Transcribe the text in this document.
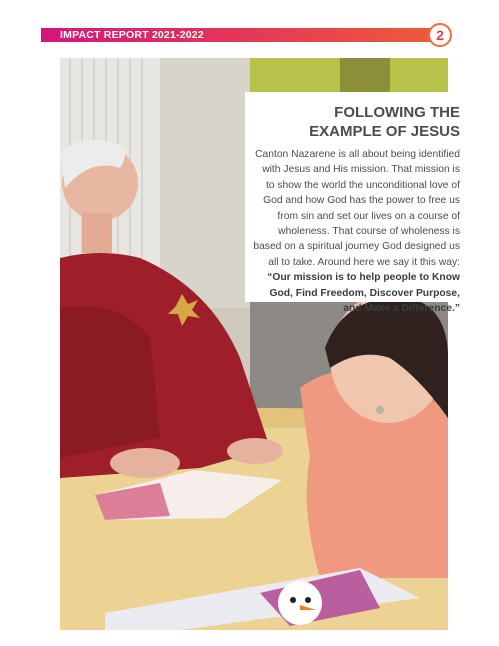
IMPACT REPORT 2021-2022	2
FOLLOWING THE
EXAMPLE OF JESUS

Canton Nazarene is all about being identified with Jesus and His mission. That mission is to show the world the unconditional love of God and how God has the power to free us from sin and set our lives on a course of wholeness. That course of wholeness is based on a spiritual journey God designed us all to take. Around here we say it this way: “Our mission is to help people to Know God, Find Freedom, Discover Purpose, and Make a Difference.”
